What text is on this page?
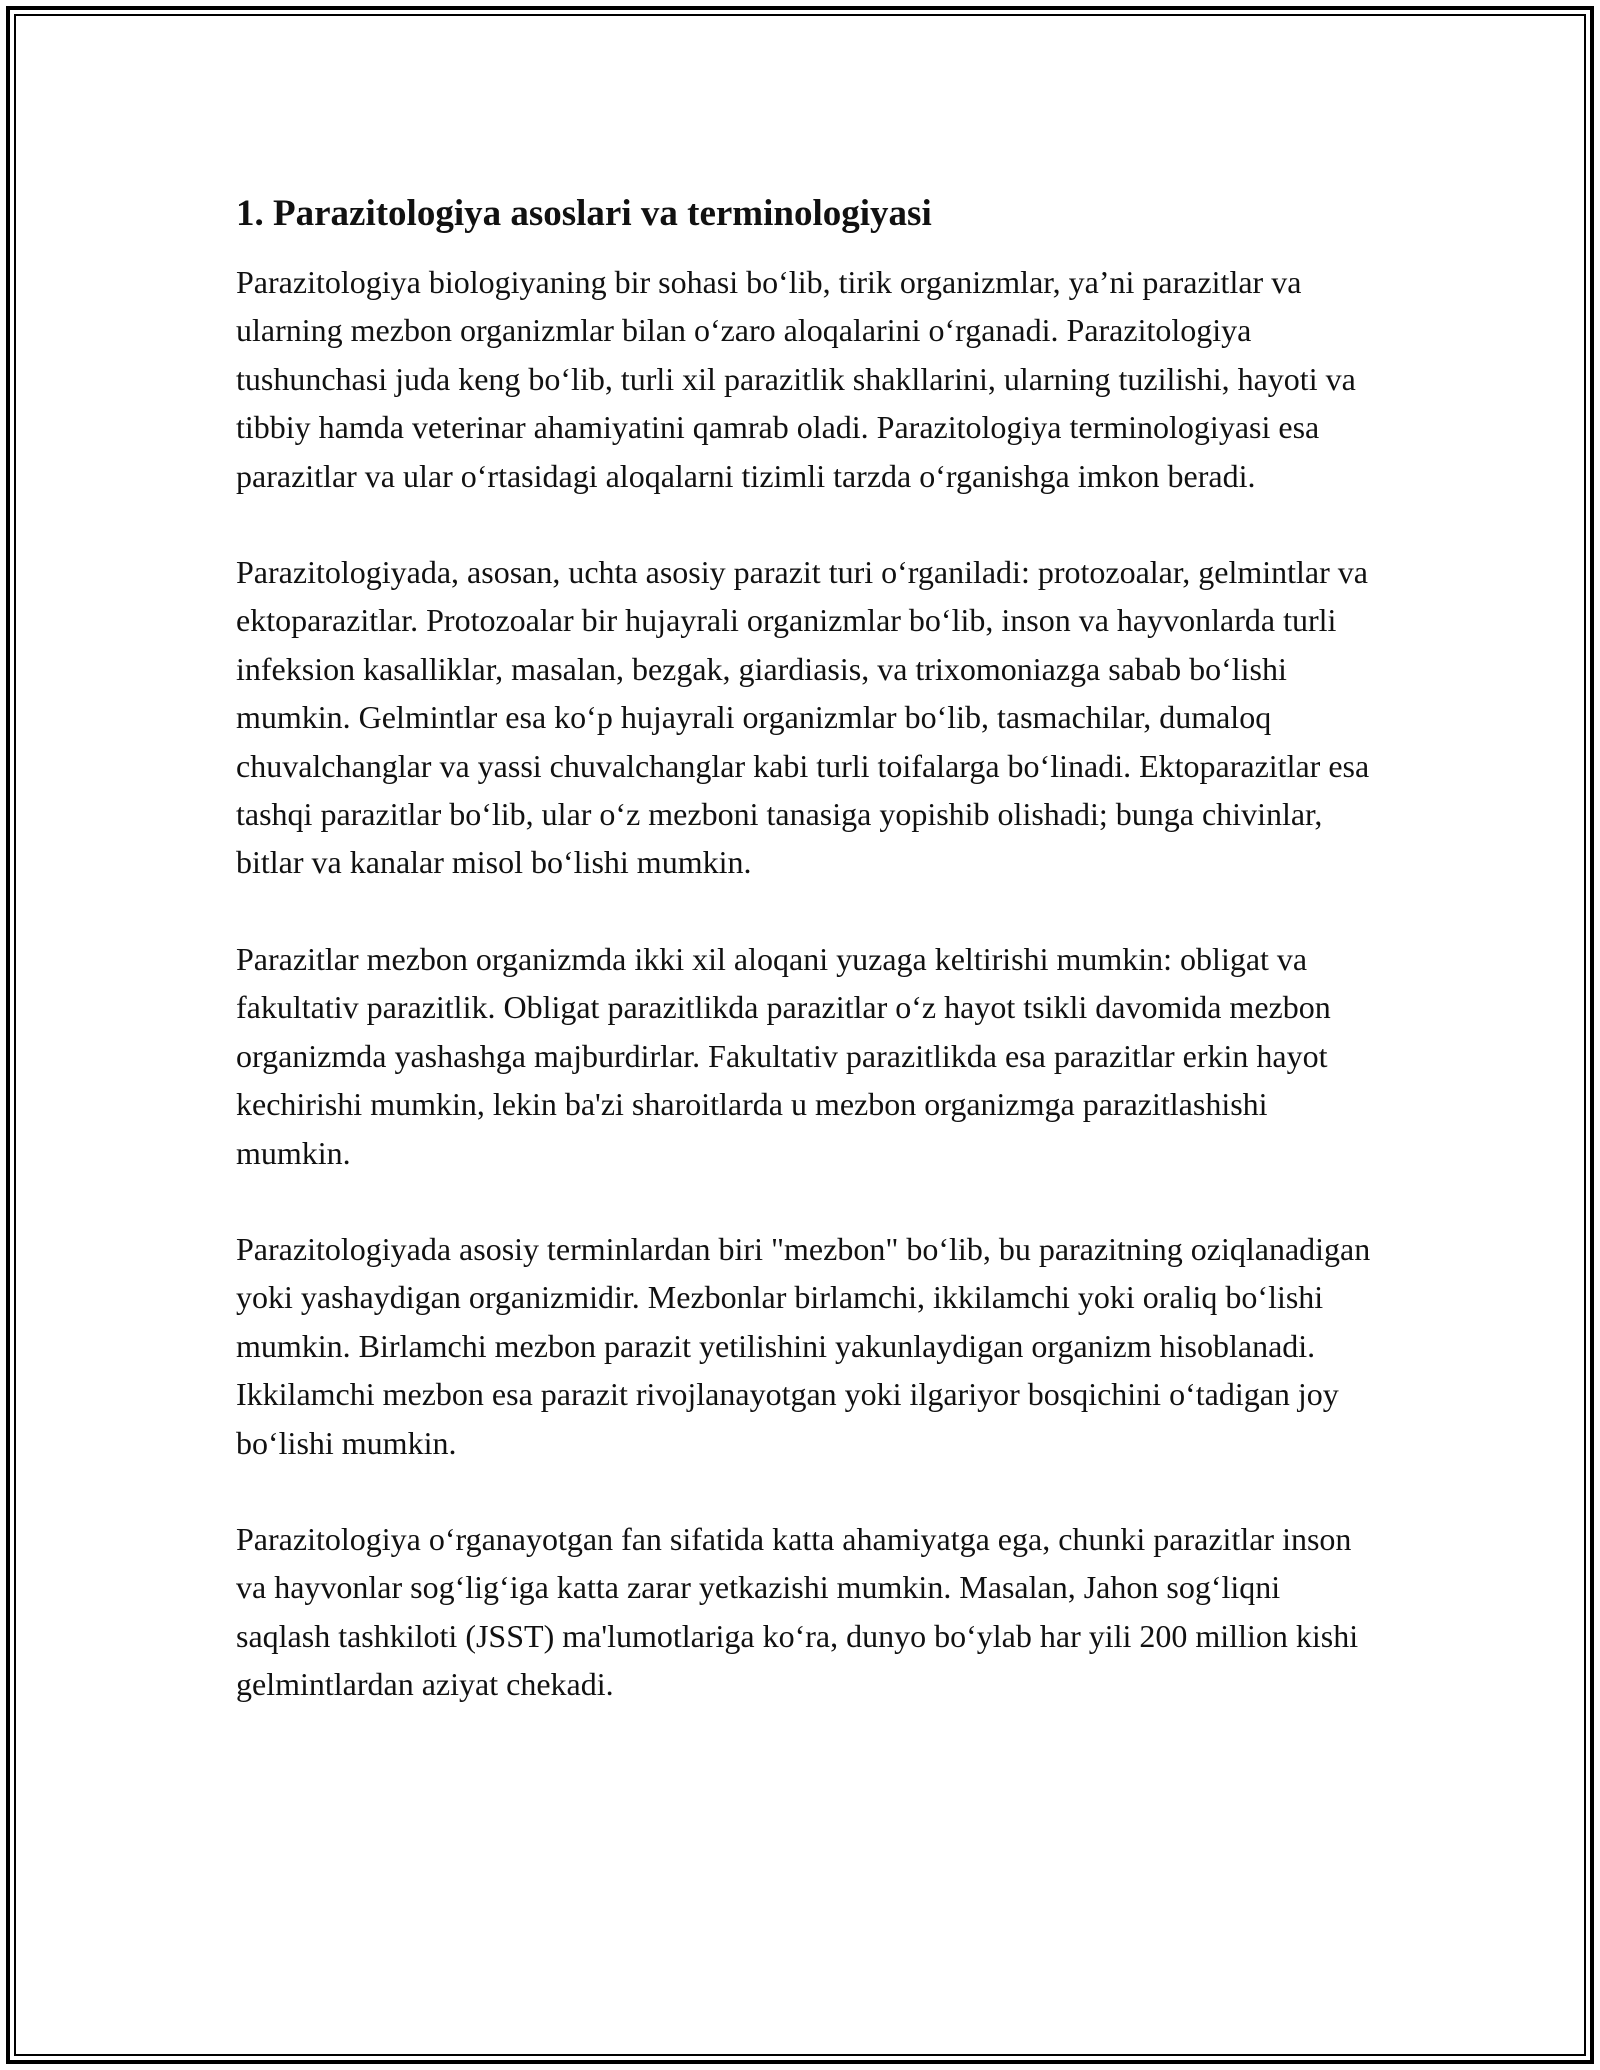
1. Parazitologiya asoslari va terminologiyasi

Parazitologiya biologiyaning bir sohasi bo‘lib, tirik organizmlar, ya’ni parazitlar va ularning mezbon organizmlar bilan o‘zaro aloqalarini o‘rganadi. Parazitologiya tushunchasi juda keng bo‘lib, turli xil parazitlik shakllarini, ularning tuzilishi, hayoti va tibbiy hamda veterinar ahamiyatini qamrab oladi. Parazitologiya terminologiyasi esa parazitlar va ular o‘rtasidagi aloqalarni tizimli tarzda o‘rganishga imkon beradi.

Parazitologiyada, asosan, uchta asosiy parazit turi o‘rganiladi: protozoalar, gelmintlar va ektoparazitlar. Protozoalar bir hujayrali organizmlar bo‘lib, inson va hayvonlarda turli infeksion kasalliklar, masalan, bezgak, giardiasis, va trixomoniazga sabab bo‘lishi mumkin. Gelmintlar esa ko‘p hujayrali organizmlar bo‘lib, tasmachilar, dumaloq chuvalchanglar va yassi chuvalchanglar kabi turli toifalarga bo‘linadi. Ektoparazitlar esa tashqi parazitlar bo‘lib, ular o‘z mezboni tanasiga yopishib olishadi; bunga chivinlar, bitlar va kanalar misol bo‘lishi mumkin.

Parazitlar mezbon organizmda ikki xil aloqani yuzaga keltirishi mumkin: obligat va fakultativ parazitlik. Obligat parazitlikda parazitlar o‘z hayot tsikli davomida mezbon organizmda yashashga majburdirlar. Fakultativ parazitlikda esa parazitlar erkin hayot kechirishi mumkin, lekin ba'zi sharoitlarda u mezbon organizmga parazitlashishi mumkin.

Parazitologiyada asosiy terminlardan biri "mezbon" bo‘lib, bu parazitning oziqlanadigan yoki yashaydigan organizmidir. Mezbonlar birlamchi, ikkilamchi yoki oraliq bo‘lishi mumkin. Birlamchi mezbon parazit yetilishini yakunlaydigan organizm hisoblanadi. Ikkilamchi mezbon esa parazit rivojlanayotgan yoki ilgariyor bosqichini o‘tadigan joy bo‘lishi mumkin.

Parazitologiya o‘rganayotgan fan sifatida katta ahamiyatga ega, chunki parazitlar inson va hayvonlar sog‘lig‘iga katta zarar yetkazishi mumkin. Masalan, Jahon sog‘liqni saqlash tashkiloti (JSST) ma'lumotlariga ko‘ra, dunyo bo‘ylab har yili 200 million kishi gelmintlardan aziyat chekadi.
